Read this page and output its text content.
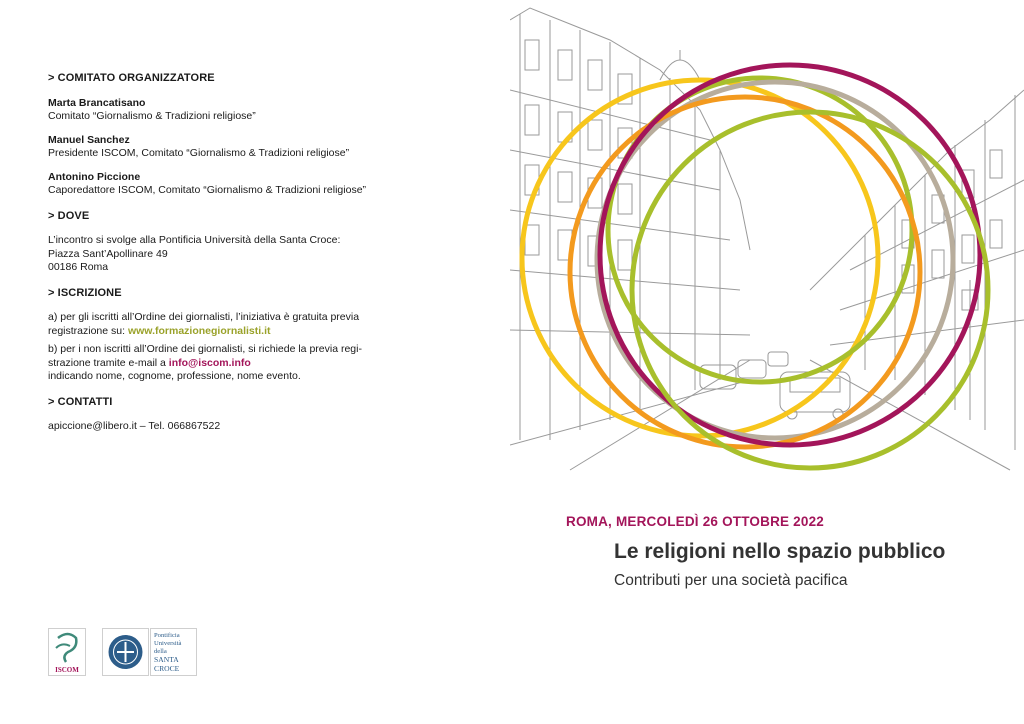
> COMITATO ORGANIZZATORE

Marta Brancatisano
Comitato “Giornalismo & Tradizioni religiose”
Manuel Sanchez
Presidente ISCOM, Comitato “Giornalismo & Tradizioni religiose”
Antonino Piccione
Caporedattore ISCOM, Comitato “Giornalismo & Tradizioni religiose”

> DOVE

L’incontro si svolge alla Pontificia Università della Santa Croce:
Piazza Sant’Apollinare 49
00186 Roma

> ISCRIZIONE

a) per gli iscritti all’Ordine dei giornalisti, l’iniziativa è gratuita previa
registrazione su: www.formazionegiornalisti.it
b) per i non iscritti all’Ordine dei giornalisti, si richiede la previa regi-
strazione tramite e-mail a info@iscom.info
indicando nome, cognome, professione, nome evento.

> CONTATTI

apiccione@libero.it – Tel. 066867522
ROMA, MERCOLEDÌ 26 OTTOBRE 2022
Le religioni nello spazio pubblico
Contributi per una società pacifica
ISCOM
Pontificia
Università
della
SANTA
CROCE
